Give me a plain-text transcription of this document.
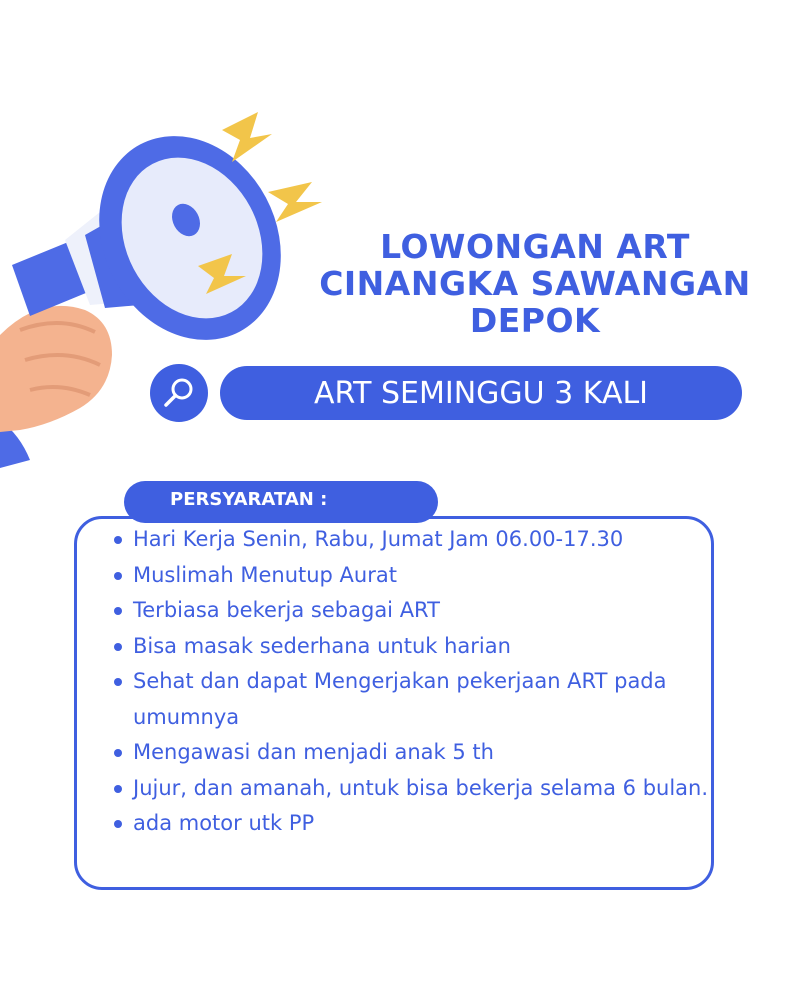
LOWONGAN ART
CINANGKA SAWANGAN
DEPOK
ART SEMINGGU 3 KALI
PERSYARATAN :
Hari Kerja Senin, Rabu, Jumat Jam 06.00-17.30
Muslimah Menutup Aurat
Terbiasa bekerja sebagai ART
Bisa masak sederhana untuk harian
Sehat dan dapat Mengerjakan pekerjaan ART pada umumnya
Mengawasi dan menjadi anak 5 th
Jujur, dan amanah, untuk bisa bekerja selama 6 bulan.
ada motor utk PP
